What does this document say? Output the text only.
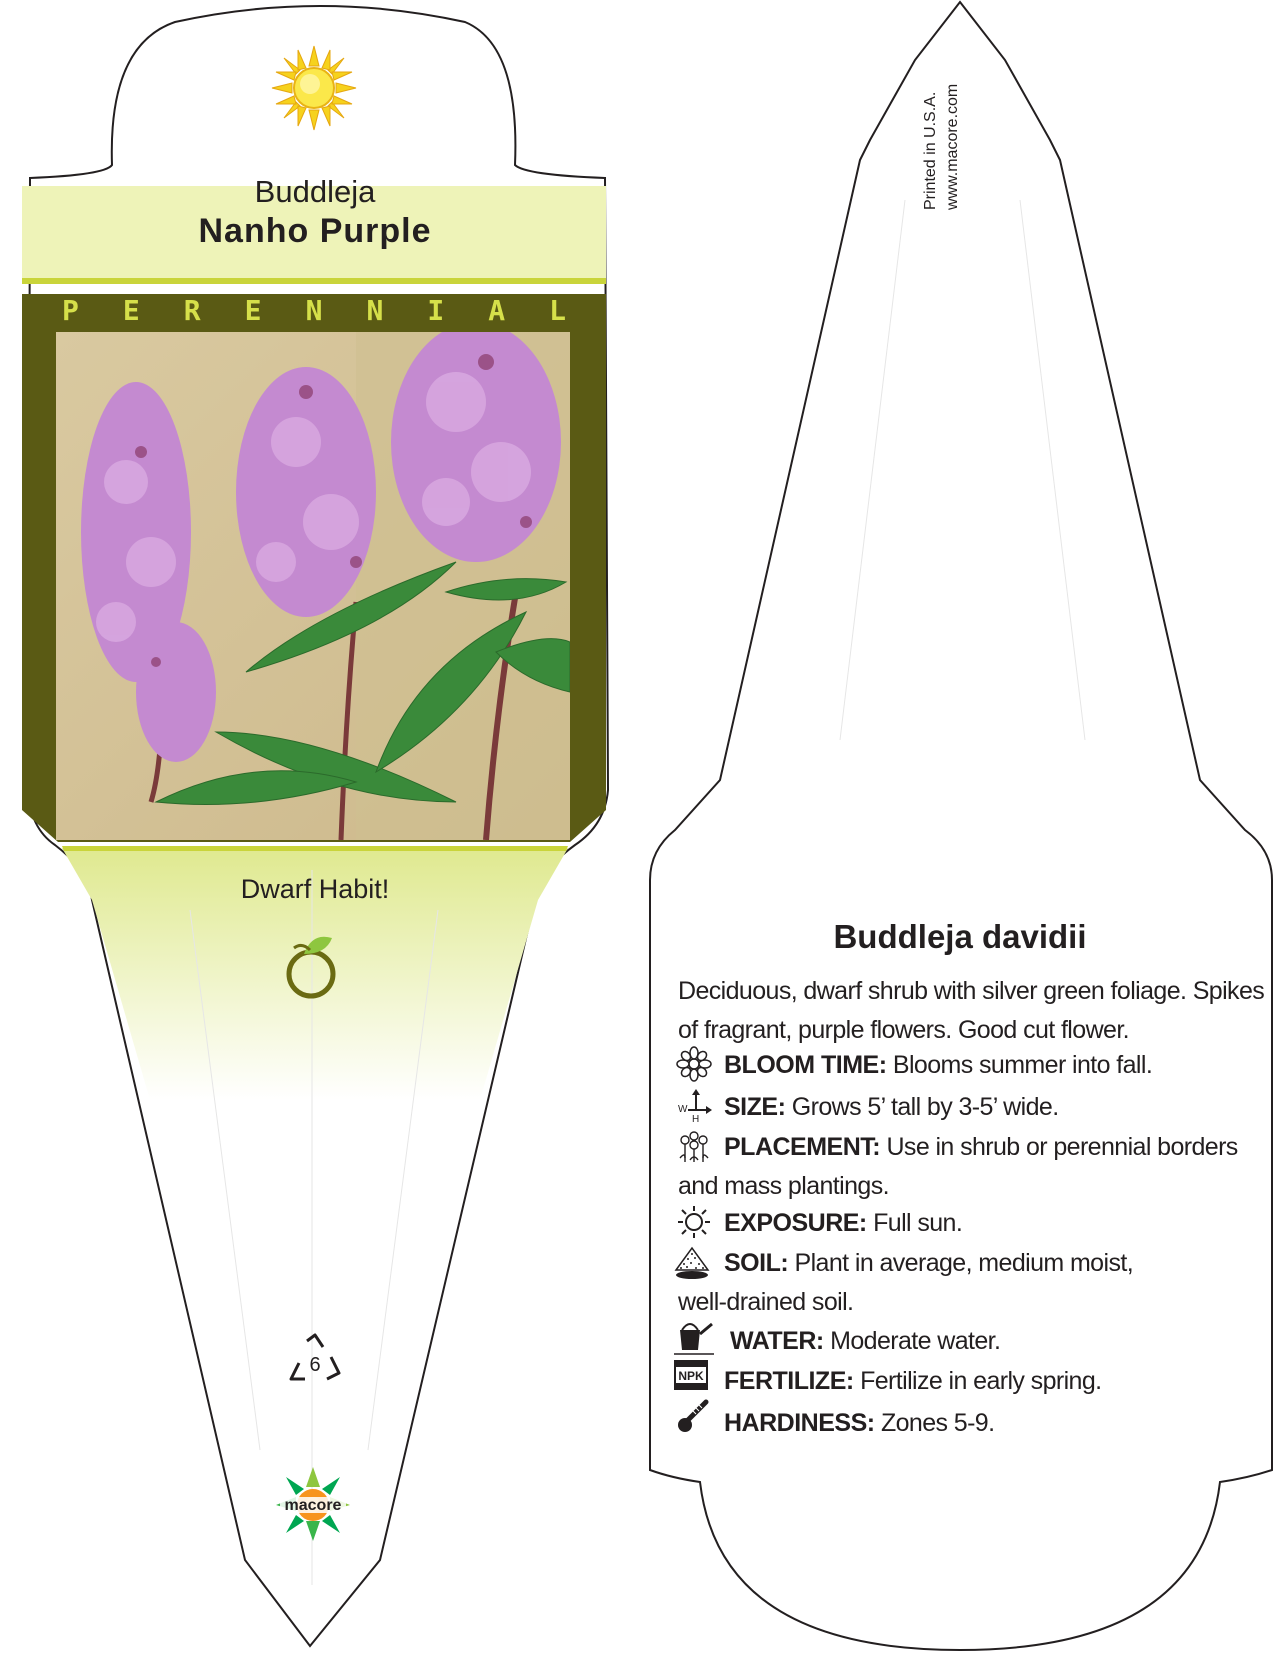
Buddleja
Nanho Purple
P E R E N N I A L
Dwarf Habit!
6
macore
Printed in U.S.A. www.macore.com
Buddleja davidii
Deciduous, dwarf shrub with silver green foliage. Spikes of fragrant, purple flowers. Good cut flower.
W
H
NPK
BLOOM TIME: Blooms summer into fall.
SIZE: Grows 5’ tall by 3-5’ wide.
PLACEMENT: Use in shrub or perennial borders and mass plantings.
EXPOSURE: Full sun.
SOIL: Plant in average, medium moist, well-drained soil.
WATER: Moderate water.
FERTILIZE: Fertilize in early spring.
HARDINESS: Zones 5-9.
